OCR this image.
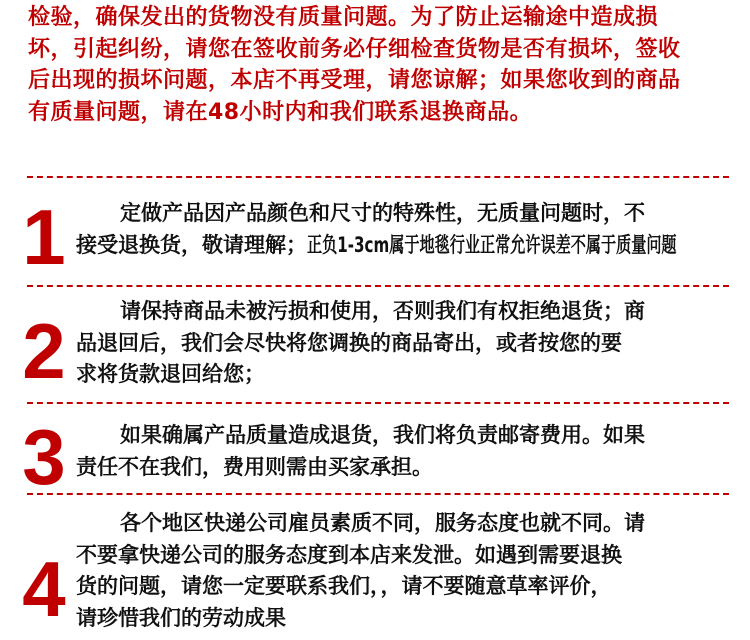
检验，确保发出的货物没有质量问题。为了防止运输途中造成损
坏，引起纠纷，请您在签收前务必仔细检查货物是否有损坏，签收
后出现的损坏问题，本店不再受理，请您谅解；如果您收到的商品
有质量问题，请在48小时内和我们联系退换商品。

1	定做产品因产品颜色和尺寸的特殊性，无质量问题时，不
接受退换货，敬请理解；正负1-3cm属于地毯行业正常允许误差不属于质量问题

2	请保持商品未被污损和使用，否则我们有权拒绝退货；商
品退回后，我们会尽快将您调换的商品寄出，或者按您的要
求将货款退回给您；

3	如果确属产品质量造成退货，我们将负责邮寄费用。如果
责任不在我们，费用则需由买家承担。

4

各个地区快递公司雇员素质不同，服务态度也就不同。请
不要拿快递公司的服务态度到本店来发泄。如遇到需要退换
货的问题，请您一定要联系我们，，请不要随意草率评价，
请珍惜我们的劳动成果
